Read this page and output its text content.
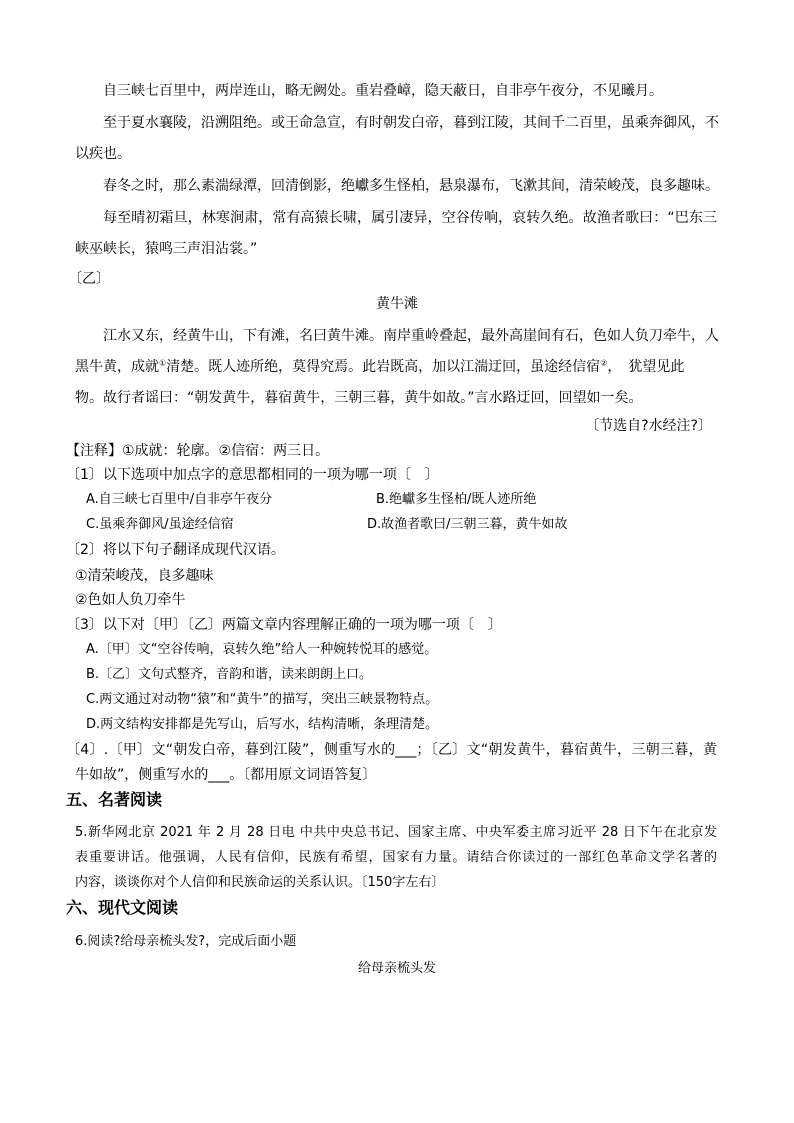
自三峡七百里中，两岸连山，略无阙处。重岩叠嶂，隐天蔽日，自非亭午夜分，不见曦月。
至于夏水襄陵，沿溯阻绝。或王命急宣，有时朝发白帝，暮到江陵，其间千二百里，虽乘奔御风，不
以疾也。
春冬之时，那么素湍绿潭，回清倒影，绝巘多生怪柏，悬泉瀑布，飞漱其间，清荣峻茂，良多趣味。
每至晴初霜旦，林寒涧肃，常有高猿长啸，属引凄异，空谷传响，哀转久绝。故渔者歌曰：“巴东三
峡巫峡长，猿鸣三声泪沾裳。”
〔乙〕
黄牛滩
江水又东，经黄牛山，下有滩，名曰黄牛滩。南岸重岭叠起，最外高崖间有石，色如人负刀牵牛，人
黑牛黄，成就①清楚。既人迹所绝，莫得究焉。此岩既高，加以江湍迂回，虽途经信宿②，　犹望见此
物。故行者谣曰：“朝发黄牛，暮宿黄牛，三朝三暮，黄牛如故。”言水路迂回，回望如一矣。
〔节选自?水经注?〕
【注释】①成就：轮廓。②信宿：两三日。
〔1〕以下选项中加点字的意思都相同的一项为哪一项〔　〕
A.自三峡七百里中/自非亭午夜分	B.绝巘多生怪柏/既人迹所绝
C.虽乘奔御风/虽途经信宿	D.故渔者歌曰/三朝三暮，黄牛如故
〔2〕将以下句子翻译成现代汉语。
①清荣峻茂，良多趣味
②色如人负刀牵牛
〔3〕以下对〔甲〕〔乙〕两篇文章内容理解正确的一项为哪一项〔　〕
A.〔甲〕文“空谷传响，哀转久绝”给人一种婉转悦耳的感觉。
B.〔乙〕文句式整齐，音韵和谐，读来朗朗上口。
C.两文通过对动物“猿”和“黄牛”的描写，突出三峡景物特点。
D.两文结构安排都是先写山，后写水，结构清晰，条理清楚。
〔4〕.〔甲〕文“朝发白帝，暮到江陵”，侧重写水的___；〔乙〕文“朝发黄牛，暮宿黄牛，三朝三暮，黄
牛如故”，侧重写水的___。〔都用原文词语答复〕
五、名著阅读
5.新华网北京 2021 年 2 月 28 日电 中共中央总书记、国家主席、中央军委主席习近平 28 日下午在北京发
表重要讲话。他强调，人民有信仰，民族有希望，国家有力量。请结合你读过的一部红色革命文学名著的
内容，谈谈你对个人信仰和民族命运的关系认识。〔150字左右〕
六、现代文阅读
6.阅读?给母亲梳头发?，完成后面小题
给母亲梳头发
